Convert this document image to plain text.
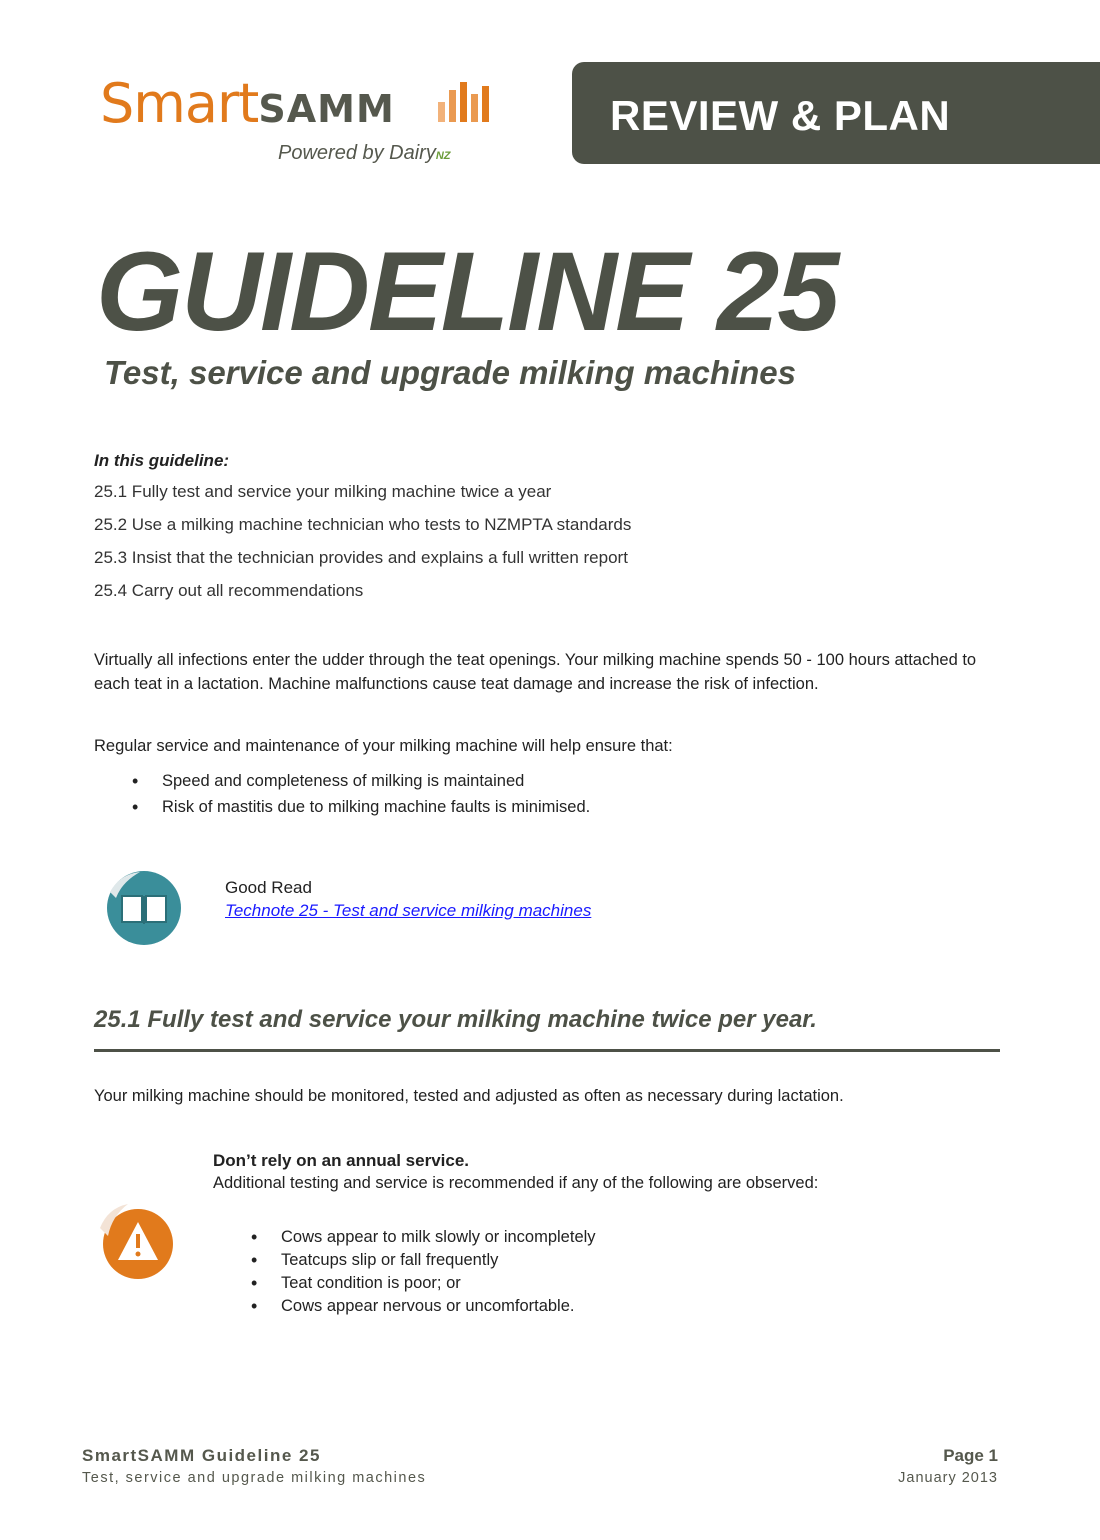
SmartSAMM
Powered by DairyNZ
REVIEW & PLAN
GUIDELINE 25
Test, service and upgrade milking machines
In this guideline:
25.1 Fully test and service your milking machine twice a year
25.2 Use a milking machine technician who tests to NZMPTA standards
25.3 Insist that the technician provides and explains a full written report
25.4 Carry out all recommendations
Virtually all infections enter the udder through the teat openings. Your milking machine spends 50 - 100 hours attached to each teat in a lactation. Machine malfunctions cause teat damage and increase the risk of infection.
Regular service and maintenance of your milking machine will help ensure that:
• Speed and completeness of milking is maintained
• Risk of mastitis due to milking machine faults is minimised.
Good Read
Technote 25 - Test and service milking machines
25.1 Fully test and service your milking machine twice per year.
Your milking machine should be monitored, tested and adjusted as often as necessary during lactation.
Don’t rely on an annual service.
Additional testing and service is recommended if any of the following are observed:
• Cows appear to milk slowly or incompletely
• Teatcups slip or fall frequently
• Teat condition is poor; or
• Cows appear nervous or uncomfortable.
SmartSAMM Guideline 25
Test, service and upgrade milking machines
Page 1
January 2013
